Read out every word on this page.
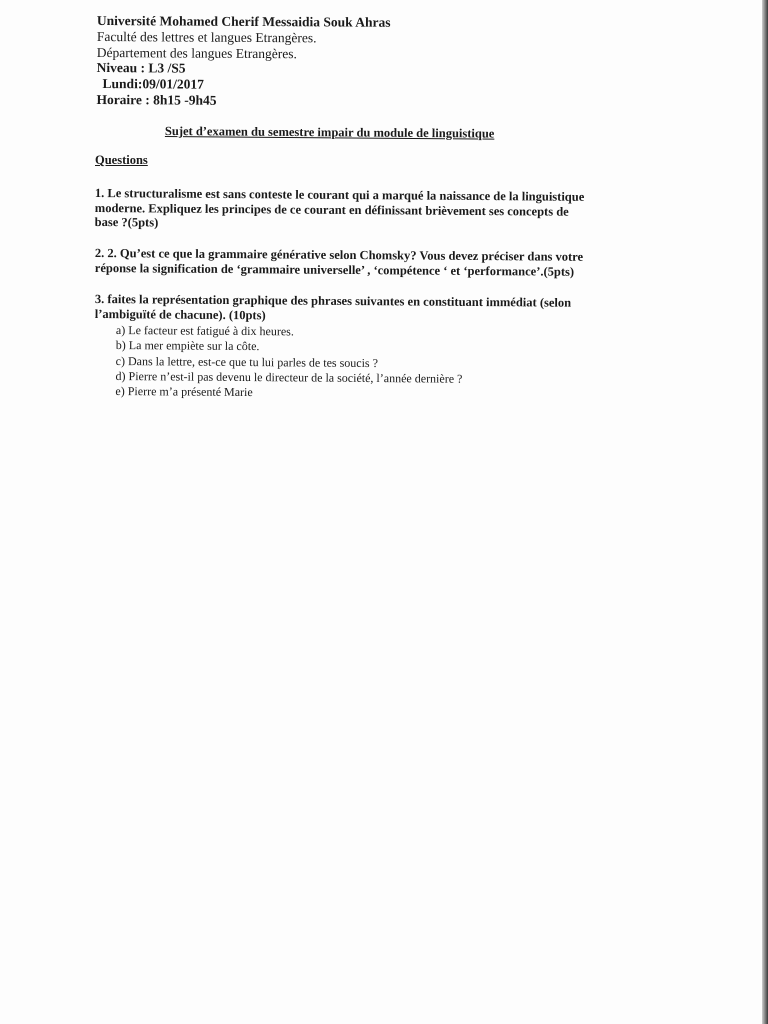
Université Mohamed Cherif Messaidia Souk Ahras
Faculté des lettres et langues Etrangères.
Département des langues Etrangères.
Niveau : L3 /S5
Lundi:09/01/2017
Horaire : 8h15 -9h45
Sujet d’examen du semestre impair du module de linguistique
Questions

1. Le structuralisme est sans conteste le courant qui a marqué la naissance de la linguistique

moderne. Expliquez les principes de ce courant en définissant brièvement ses concepts de

base ?(5pts)

2. 2. Qu’est ce que la grammaire générative selon Chomsky? Vous devez préciser dans votre

réponse la signification de ‘grammaire universelle’ , ‘compétence ‘ et ‘performance’.(5pts)

3. faites la représentation graphique des phrases suivantes en constituant immédiat (selon

l’ambiguïté de chacune). (10pts)

a) Le facteur est fatigué à dix heures.
b) La mer empiète sur la côte.
c) Dans la lettre, est-ce que tu lui parles de tes soucis ?
d) Pierre n’est-il pas devenu le directeur de la société, l’année dernière ?
e) Pierre m’a présenté Marie
